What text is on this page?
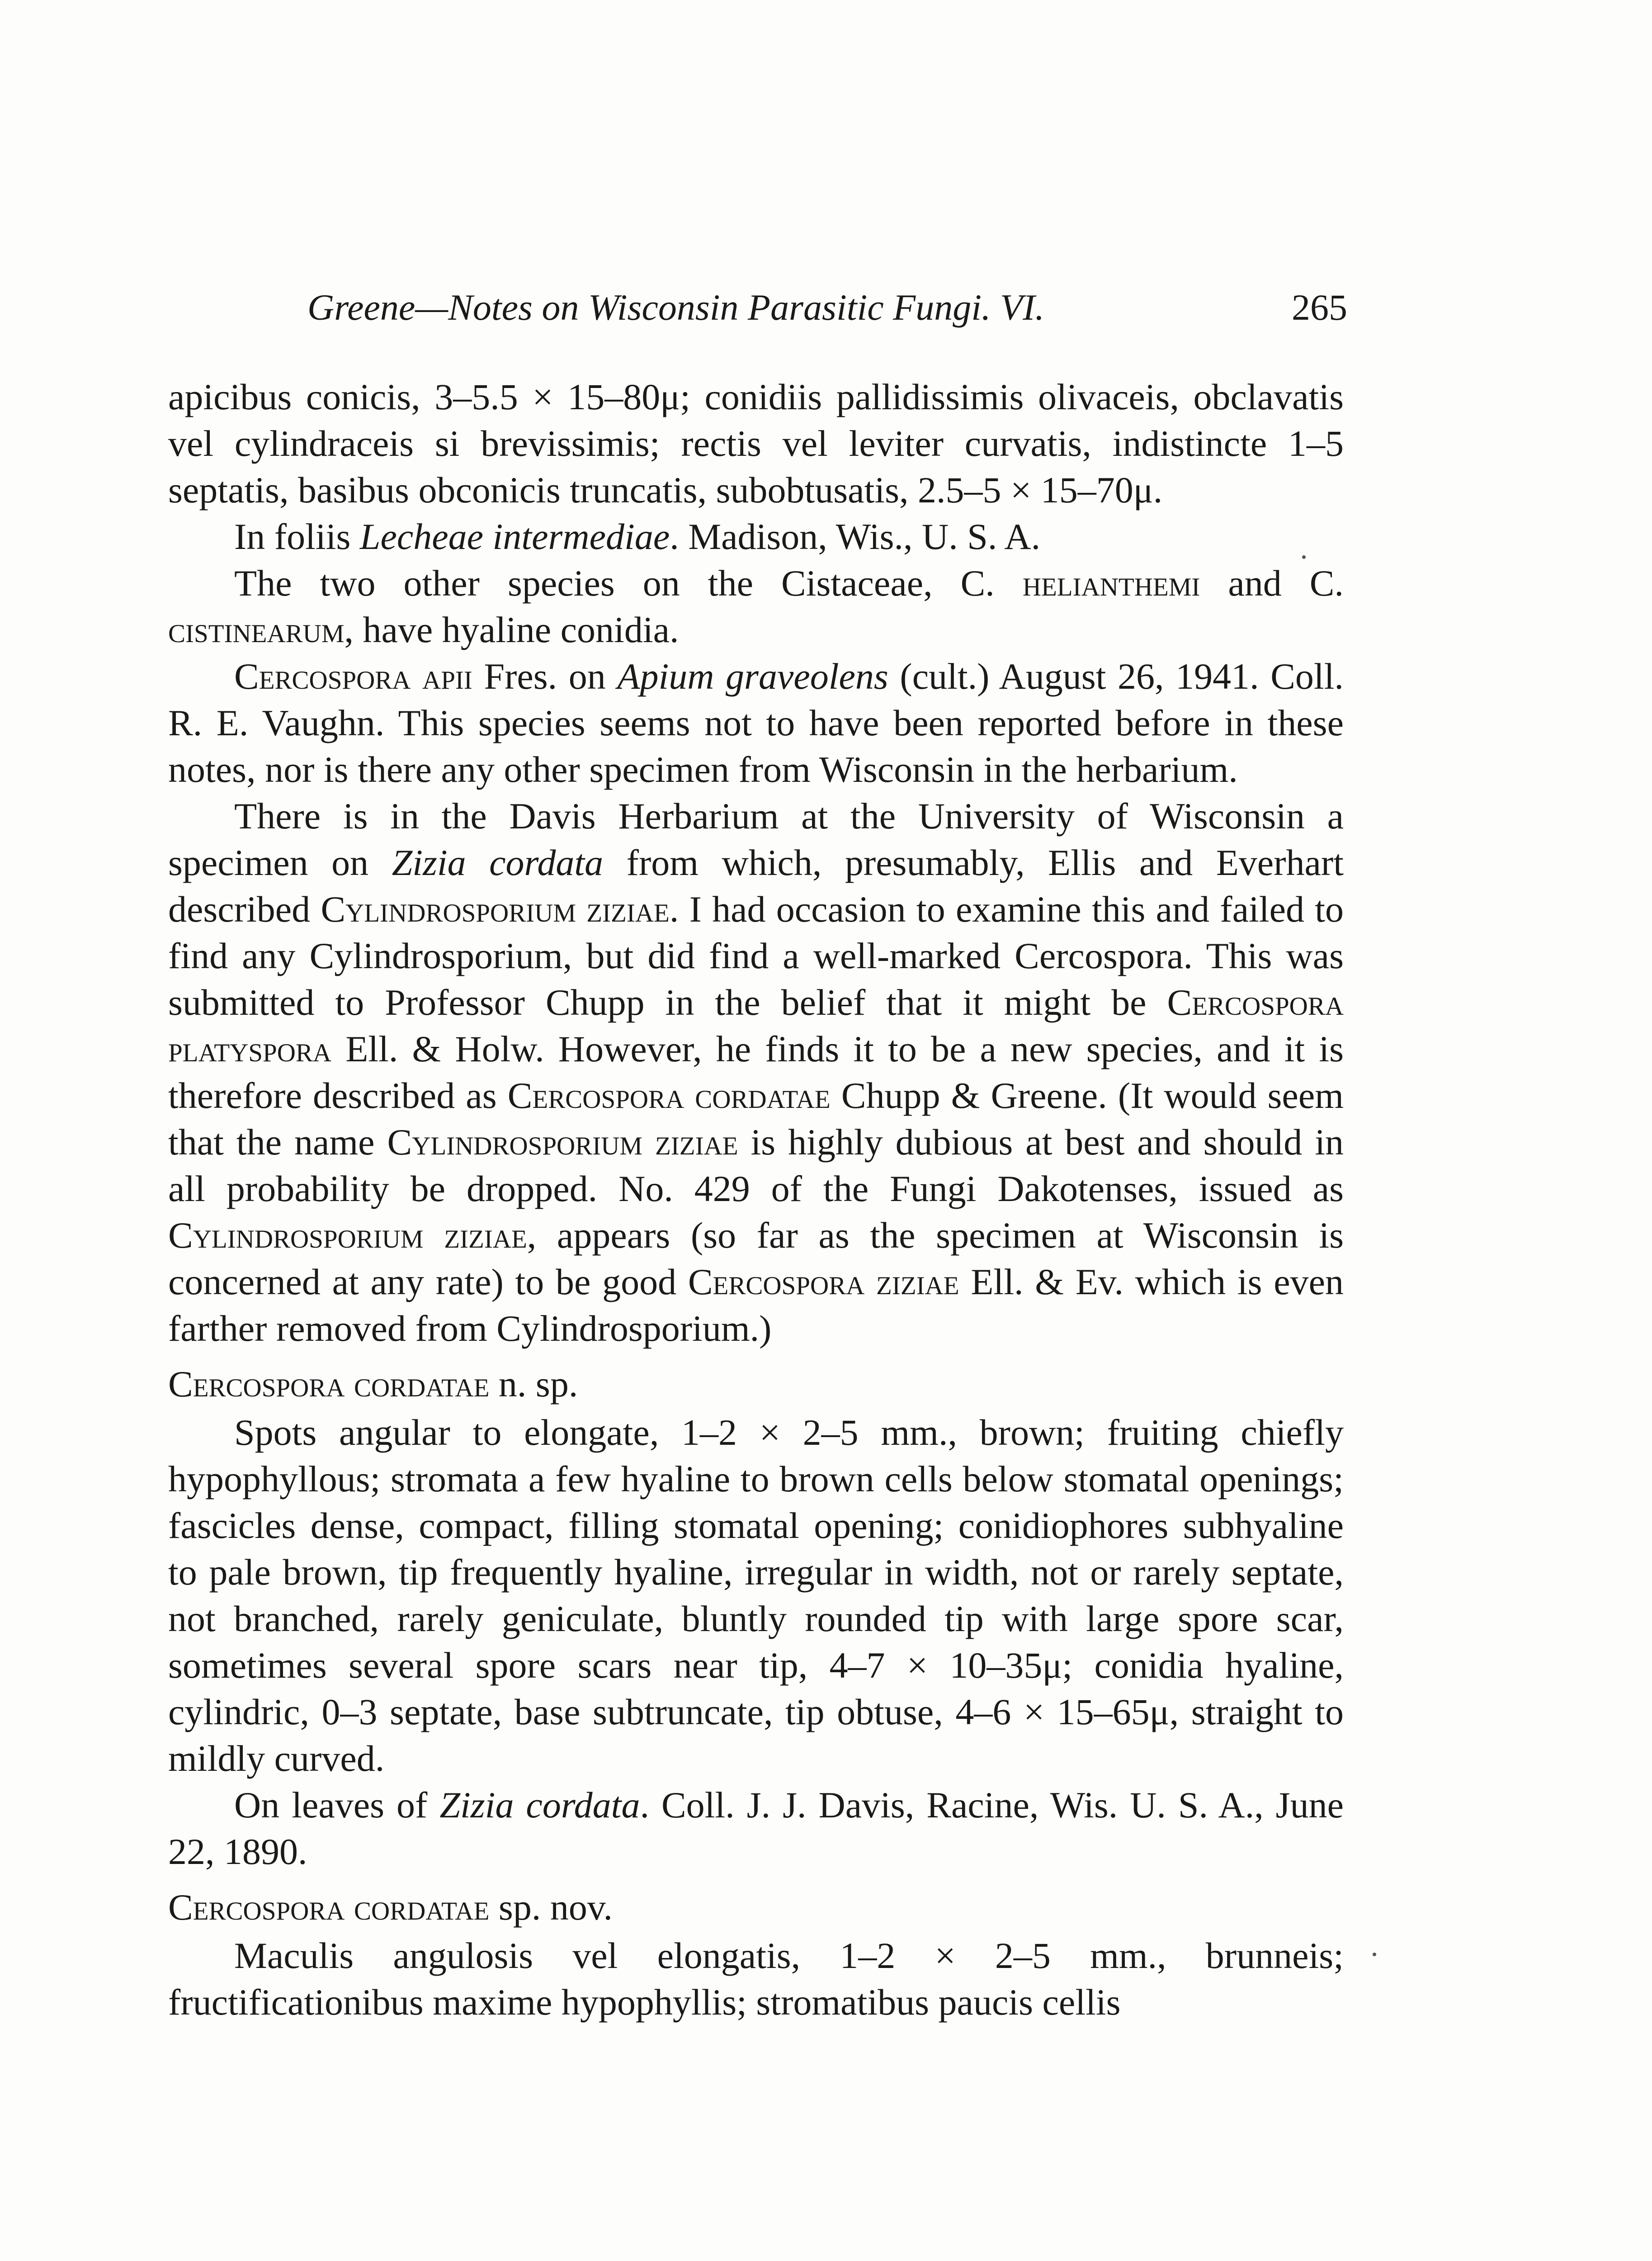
Greene—Notes on Wisconsin Parasitic Fungi. VI.	265

apicibus conicis, 3–5.5 × 15–80μ; conidiis pallidissimis olivaceis, obclavatis vel cylindraceis si brevissimis; rectis vel leviter curvatis, indistincte 1–5 septatis, basibus obconicis truncatis, subobtusatis, 2.5–5 × 15–70μ.

In foliis Lecheae intermediae. Madison, Wis., U. S. A.

The two other species on the Cistaceae, C. helianthemi and C. cistinearum, have hyaline conidia.

Cercospora apii Fres. on Apium graveolens (cult.) August 26, 1941. Coll. R. E. Vaughn. This species seems not to have been reported before in these notes, nor is there any other specimen from Wisconsin in the herbarium.

There is in the Davis Herbarium at the University of Wisconsin a specimen on Zizia cordata from which, presumably, Ellis and Everhart described Cylindrosporium ziziae. I had occasion to examine this and failed to find any Cylindrosporium, but did find a well-marked Cercospora. This was submitted to Professor Chupp in the belief that it might be Cercospora platyspora Ell. & Holw. However, he finds it to be a new species, and it is therefore described as Cercospora cordatae Chupp & Greene. (It would seem that the name Cylindrosporium ziziae is highly dubious at best and should in all probability be dropped. No. 429 of the Fungi Dakotenses, issued as Cylindrosporium ziziae, appears (so far as the specimen at Wisconsin is concerned at any rate) to be good Cercospora ziziae Ell. & Ev. which is even farther removed from Cylindrosporium.)

Cercospora cordatae n. sp.

Spots angular to elongate, 1–2 × 2–5 mm., brown; fruiting chiefly hypophyllous; stromata a few hyaline to brown cells below stomatal openings; fascicles dense, compact, filling stomatal opening; conidiophores subhyaline to pale brown, tip frequently hyaline, irregular in width, not or rarely septate, not branched, rarely geniculate, bluntly rounded tip with large spore scar, sometimes several spore scars near tip, 4–7 × 10–35μ; conidia hyaline, cylindric, 0–3 septate, base subtruncate, tip obtuse, 4–6 × 15–65μ, straight to mildly curved.

On leaves of Zizia cordata. Coll. J. J. Davis, Racine, Wis. U. S. A., June 22, 1890.

Cercospora cordatae sp. nov.

Maculis angulosis vel elongatis, 1–2 × 2–5 mm., brunneis; fructificationibus maxime hypophyllis; stromatibus paucis cellis
